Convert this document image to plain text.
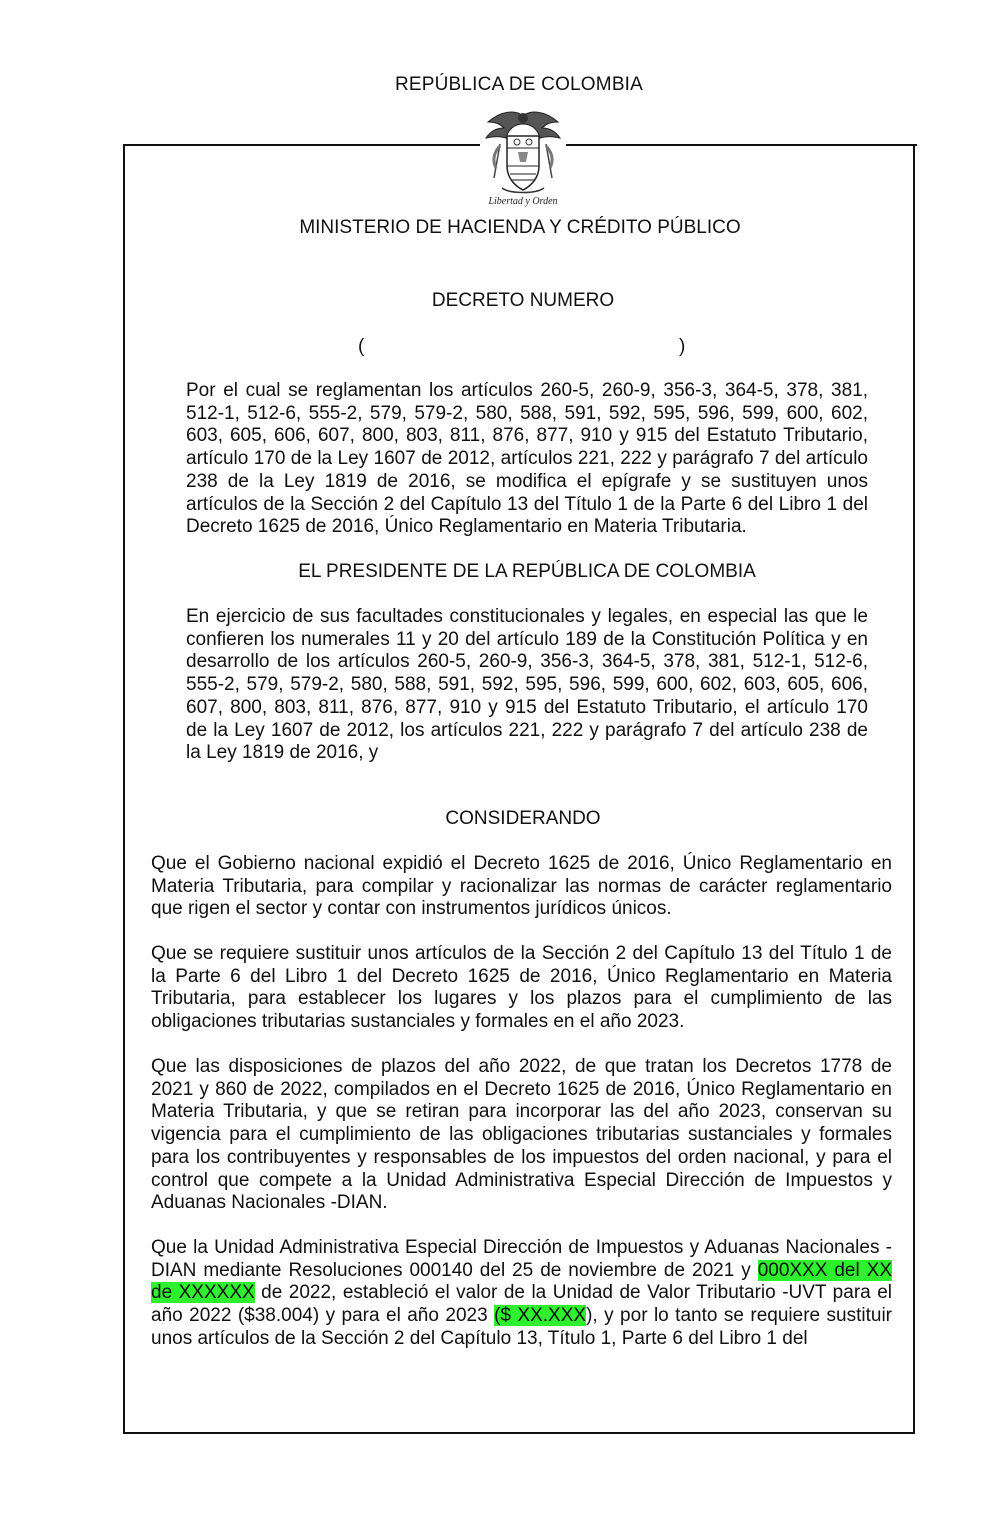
REPÚBLICA DE COLOMBIA
Libertad y Orden
MINISTERIO DE HACIENDA Y CRÉDITO PÚBLICO
DECRETO NUMERO
(	)
Por el cual se reglamentan los artículos 260-5, 260-9, 356-3, 364-5, 378, 381, 512-1, 512-6, 555-2, 579, 579-2, 580, 588, 591, 592, 595, 596, 599, 600, 602, 603, 605, 606, 607, 800, 803, 811, 876, 877, 910 y 915 del Estatuto Tributario, artículo 170 de la Ley 1607 de 2012, artículos 221, 222 y parágrafo 7 del artículo 238 de la Ley 1819 de 2016, se modifica el epígrafe y se sustituyen unos artículos de la Sección 2 del Capítulo 13 del Título 1 de la Parte 6 del Libro 1 del Decreto 1625 de 2016, Único Reglamentario en Materia Tributaria.
EL PRESIDENTE DE LA REPÚBLICA DE COLOMBIA
En ejercicio de sus facultades constitucionales y legales, en especial las que le confieren los numerales 11 y 20 del artículo 189 de la Constitución Política y en desarrollo de los artículos 260-5, 260-9, 356-3, 364-5, 378, 381, 512-1, 512-6, 555-2, 579, 579-2, 580, 588, 591, 592, 595, 596, 599, 600, 602, 603, 605, 606, 607, 800, 803, 811, 876, 877, 910 y 915 del Estatuto Tributario, el artículo 170 de la Ley 1607 de 2012, los artículos 221, 222 y parágrafo 7 del artículo 238 de la Ley 1819 de 2016, y
CONSIDERANDO
Que el Gobierno nacional expidió el Decreto 1625 de 2016, Único Reglamentario en Materia Tributaria, para compilar y racionalizar las normas de carácter reglamentario que rigen el sector y contar con instrumentos jurídicos únicos.
Que se requiere sustituir unos artículos de la Sección 2 del Capítulo 13 del Título 1 de la Parte 6 del Libro 1 del Decreto 1625 de 2016, Único Reglamentario en Materia Tributaria, para establecer los lugares y los plazos para el cumplimiento de las obligaciones tributarias sustanciales y formales en el año 2023.
Que las disposiciones de plazos del año 2022, de que tratan los Decretos 1778 de 2021 y 860 de 2022, compilados en el Decreto 1625 de 2016, Único Reglamentario en Materia Tributaria, y que se retiran para incorporar las del año 2023, conservan su vigencia para el cumplimiento de las obligaciones tributarias sustanciales y formales para los contribuyentes y responsables de los impuestos del orden nacional, y para el control que compete a la Unidad Administrativa Especial Dirección de Impuestos y Aduanas Nacionales -DIAN.
Que la Unidad Administrativa Especial Dirección de Impuestos y Aduanas Nacionales -DIAN mediante Resoluciones 000140 del 25 de noviembre de 2021 y 000XXX del XX de XXXXXX de 2022, estableció el valor de la Unidad de Valor Tributario -UVT para el año 2022 ($38.004) y para el año 2023 ($ XX.XXX), y por lo tanto se requiere sustituir unos artículos de la Sección 2 del Capítulo 13, Título 1, Parte 6 del Libro 1 del
